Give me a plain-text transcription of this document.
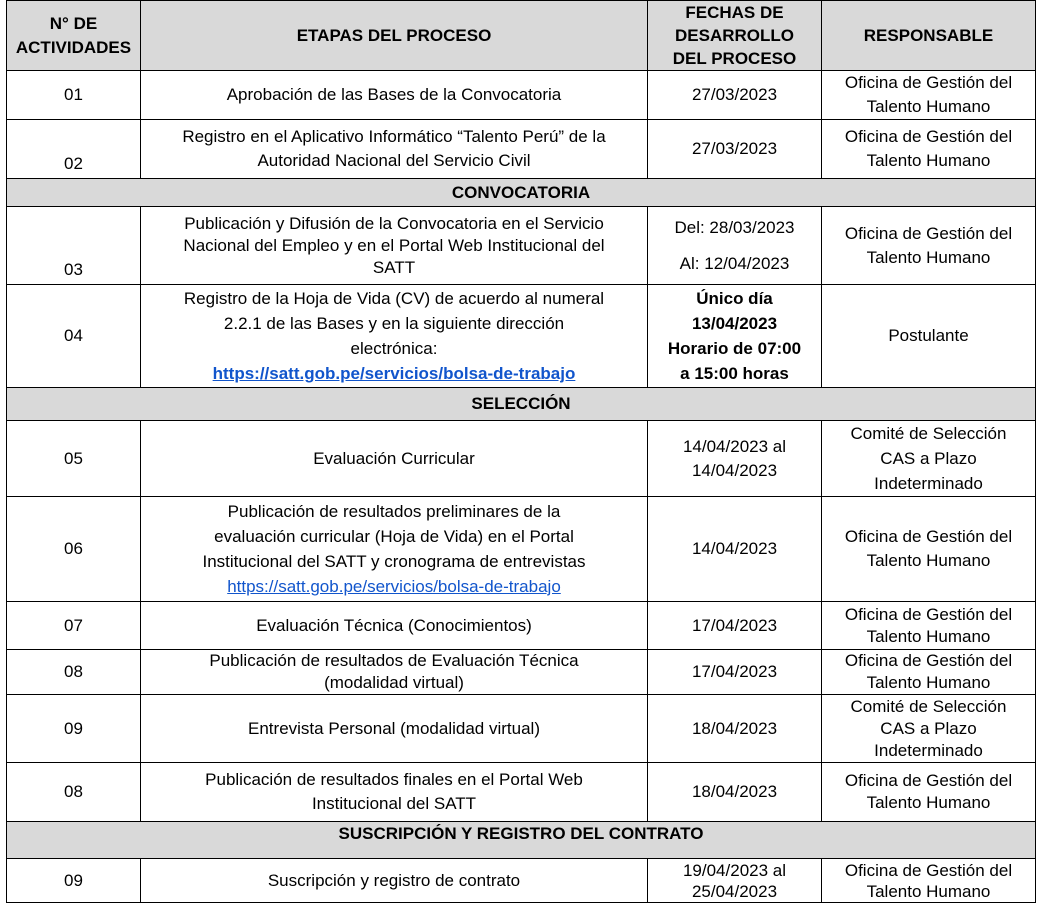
N° DE
ACTIVIDADES	ETAPAS DEL PROCESO	FECHAS DE
DESARROLLO
DEL PROCESO	RESPONSABLE
01	Aprobación de las Bases de la Convocatoria	27/03/2023	Oficina de Gestión del
Talento Humano

02	Registro en el Aplicativo Informático “Talento Perú” de la
Autoridad Nacional del Servicio Civil	27/03/2023	Oficina de Gestión del
Talento Humano

CONVOCATORIA			
03	Publicación y Difusión de la Convocatoria en el Servicio
Nacional del Empleo y en el Portal Web Institucional del
SATT	Del: 28/03/2023
Al: 12/04/2023	Oficina de Gestión del
Talento Humano

04	Registro de la Hoja de Vida (CV) de acuerdo al numeral
2.2.1 de las Bases y en la siguiente dirección
electrónica:
https://satt.gob.pe/servicios/bolsa-de-trabajo	Único día
13/04/2023
Horario de 07:00
a 15:00 horas	Postulante
SELECCIÓN			
05	Evaluación Curricular	14/04/2023 al
14/04/2023	Comité de Selección
CAS a Plazo
Indeterminado

06	Publicación de resultados preliminares de la
evaluación curricular (Hoja de Vida) en el Portal
Institucional del SATT y cronograma de entrevistas
https://satt.gob.pe/servicios/bolsa-de-trabajo	14/04/2023	Oficina de Gestión del
Talento Humano

07	Evaluación Técnica (Conocimientos)	17/04/2023	Oficina de Gestión del
Talento Humano

08	Publicación de resultados de Evaluación Técnica
(modalidad virtual)	17/04/2023	Oficina de Gestión del
Talento Humano

09	Entrevista Personal (modalidad virtual)	18/04/2023	Comité de Selección
CAS a Plazo
Indeterminado

08	Publicación de resultados finales en el Portal Web
Institucional del SATT	18/04/2023	Oficina de Gestión del
Talento Humano

SUSCRIPCIÓN Y REGISTRO DEL CONTRATO			
09	Suscripción y registro de contrato	19/04/2023 al
25/04/2023	Oficina de Gestión del
Talento Humano
